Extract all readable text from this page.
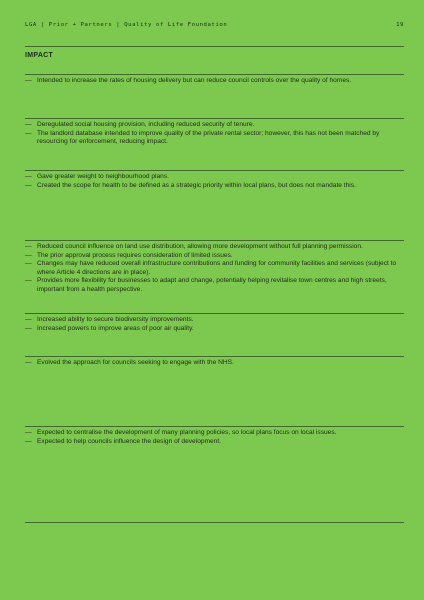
LGA | Prior + Partners | Quality of Life Foundation	19
IMPACT
— Intended to increase the rates of housing delivery but can reduce council controls over the quality of homes.
— Deregulated social housing provision, including reduced security of tenure.
— The landlord database intended to improve quality of the private rental sector; however, this has not been matched by resourcing for enforcement, reducing impact.
— Gave greater weight to neighbourhood plans.
— Created the scope for health to be defined as a strategic priority within local plans, but does not mandate this.
— Reduced council influence on land use distribution, allowing more development without full planning permission.
— The prior approval process requires consideration of limited issues.
— Changes may have reduced overall infrastructure contributions and funding for community facilities and services (subject to where Article 4 directions are in place).
— Provides more flexibility for businesses to adapt and change, potentially helping revitalise town centres and high streets, important from a health perspective.
— Increased ability to secure biodiversity improvements.
— Increased powers to improve areas of poor air quality.
— Evolved the approach for councils seeking to engage with the NHS.
— Expected to centralise the development of many planning policies, so local plans focus on local issues.
— Expected to help councils influence the design of development.
